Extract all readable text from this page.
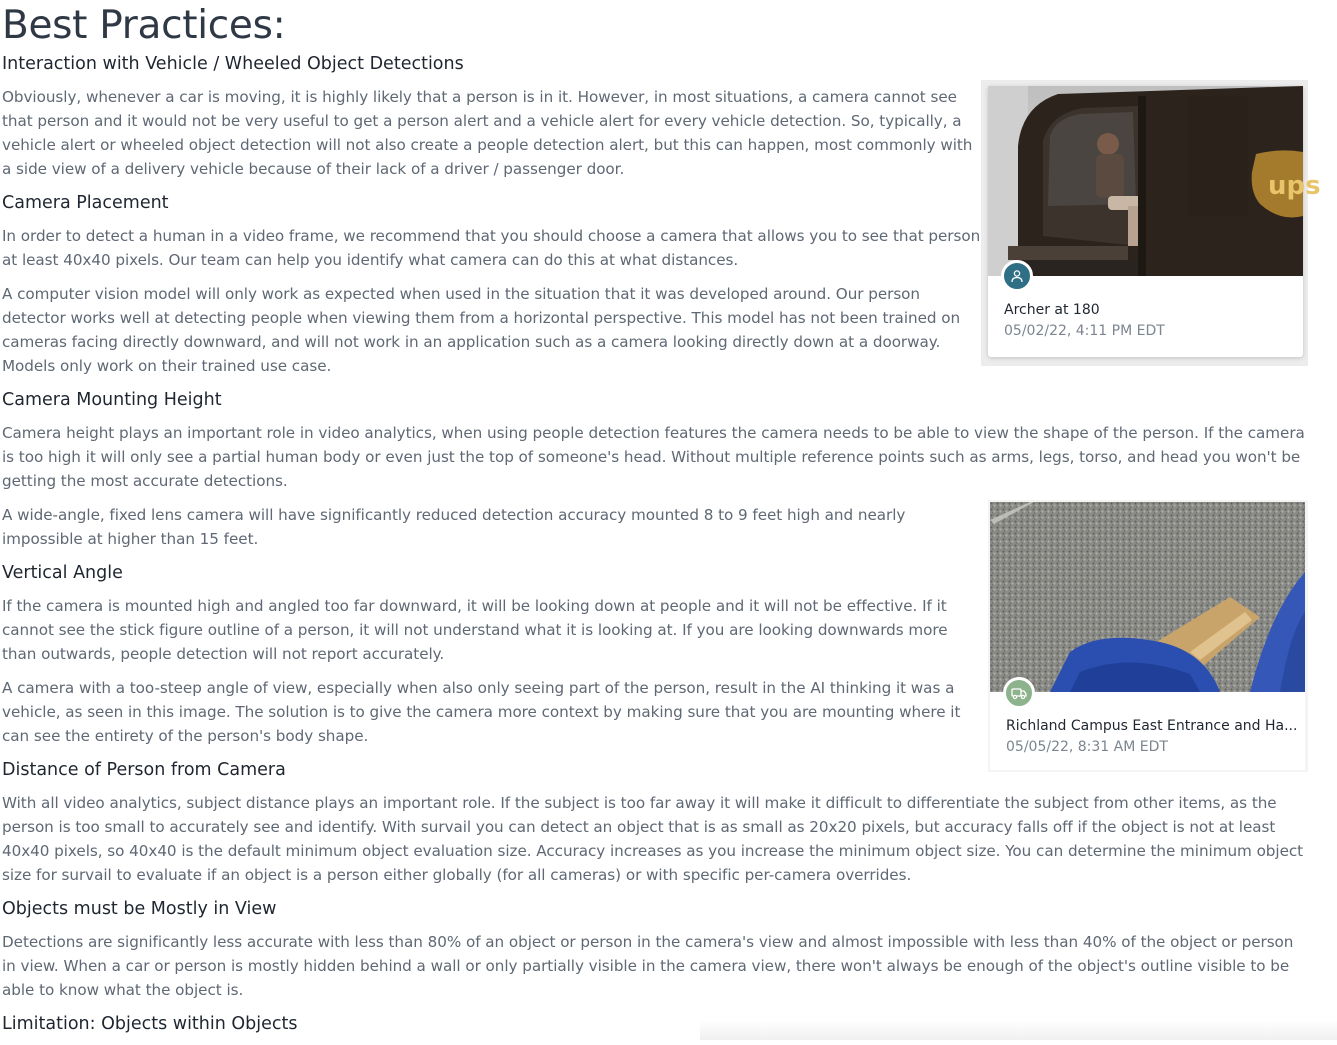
Best Practices:
ups
Archer at 180
05/02/22, 4:11 PM EDT
Richland Campus East Entrance and Ha...
05/05/22, 8:31 AM EDT
Interaction with Vehicle / Wheeled Object Detections

Obviously, whenever a car is moving, it is highly likely that a person is in it. However, in most situations, a camera cannot see that person and it would not be very useful to get a person alert and a vehicle alert for every vehicle detection. So, typically, a vehicle alert or wheeled object detection will not also create a people detection alert, but this can happen, most commonly with a side view of a delivery vehicle because of their lack of a driver / passenger door.

Camera Placement

In order to detect a human in a video frame, we recommend that you should choose a camera that allows you to see that person at least 40x40 pixels. Our team can help you identify what camera can do this at what distances.

A computer vision model will only work as expected when used in the situation that it was developed around. Our person detector works well at detecting people when viewing them from a horizontal perspective. This model has not been trained on cameras facing directly downward, and will not work in an application such as a camera looking directly down at a doorway. Models only work on their trained use case.

Camera Mounting Height

Camera height plays an important role in video analytics, when using people detection features the camera needs to be able to view the shape of the person. If the camera is too high it will only see a partial human body or even just the top of someone's head. Without multiple reference points such as arms, legs, torso, and head you won't be getting the most accurate detections.

A wide-angle, fixed lens camera will have significantly reduced detection accuracy mounted 8 to 9 feet high and nearly impossible at higher than 15 feet.

Vertical Angle

If the camera is mounted high and angled too far downward, it will be looking down at people and it will not be effective. If it cannot see the stick figure outline of a person, it will not understand what it is looking at. If you are looking downwards more than outwards, people detection will not report accurately.

A camera with a too-steep angle of view, especially when also only seeing part of the person, result in the AI thinking it was a vehicle, as seen in this image. The solution is to give the camera more context by making sure that you are mounting where it can see the entirety of the person's body shape.

Distance of Person from Camera

With all video analytics, subject distance plays an important role. If the subject is too far away it will make it difficult to differentiate the subject from other items, as the person is too small to accurately see and identify. With survail you can detect an object that is as small as 20x20 pixels, but accuracy falls off if the object is not at least 40x40 pixels, so 40x40 is the default minimum object evaluation size. Accuracy increases as you increase the minimum object size. You can determine the minimum object size for survail to evaluate if an object is a person either globally (for all cameras) or with specific per-camera overrides.

Objects must be Mostly in View

Detections are significantly less accurate with less than 80% of an object or person in the camera's view and almost impossible with less than 40% of the object or person in view. When a car or person is mostly hidden behind a wall or only partially visible in the camera view, there won't always be enough of the object's outline visible to be able to know what the object is.

Limitation: Objects within Objects
